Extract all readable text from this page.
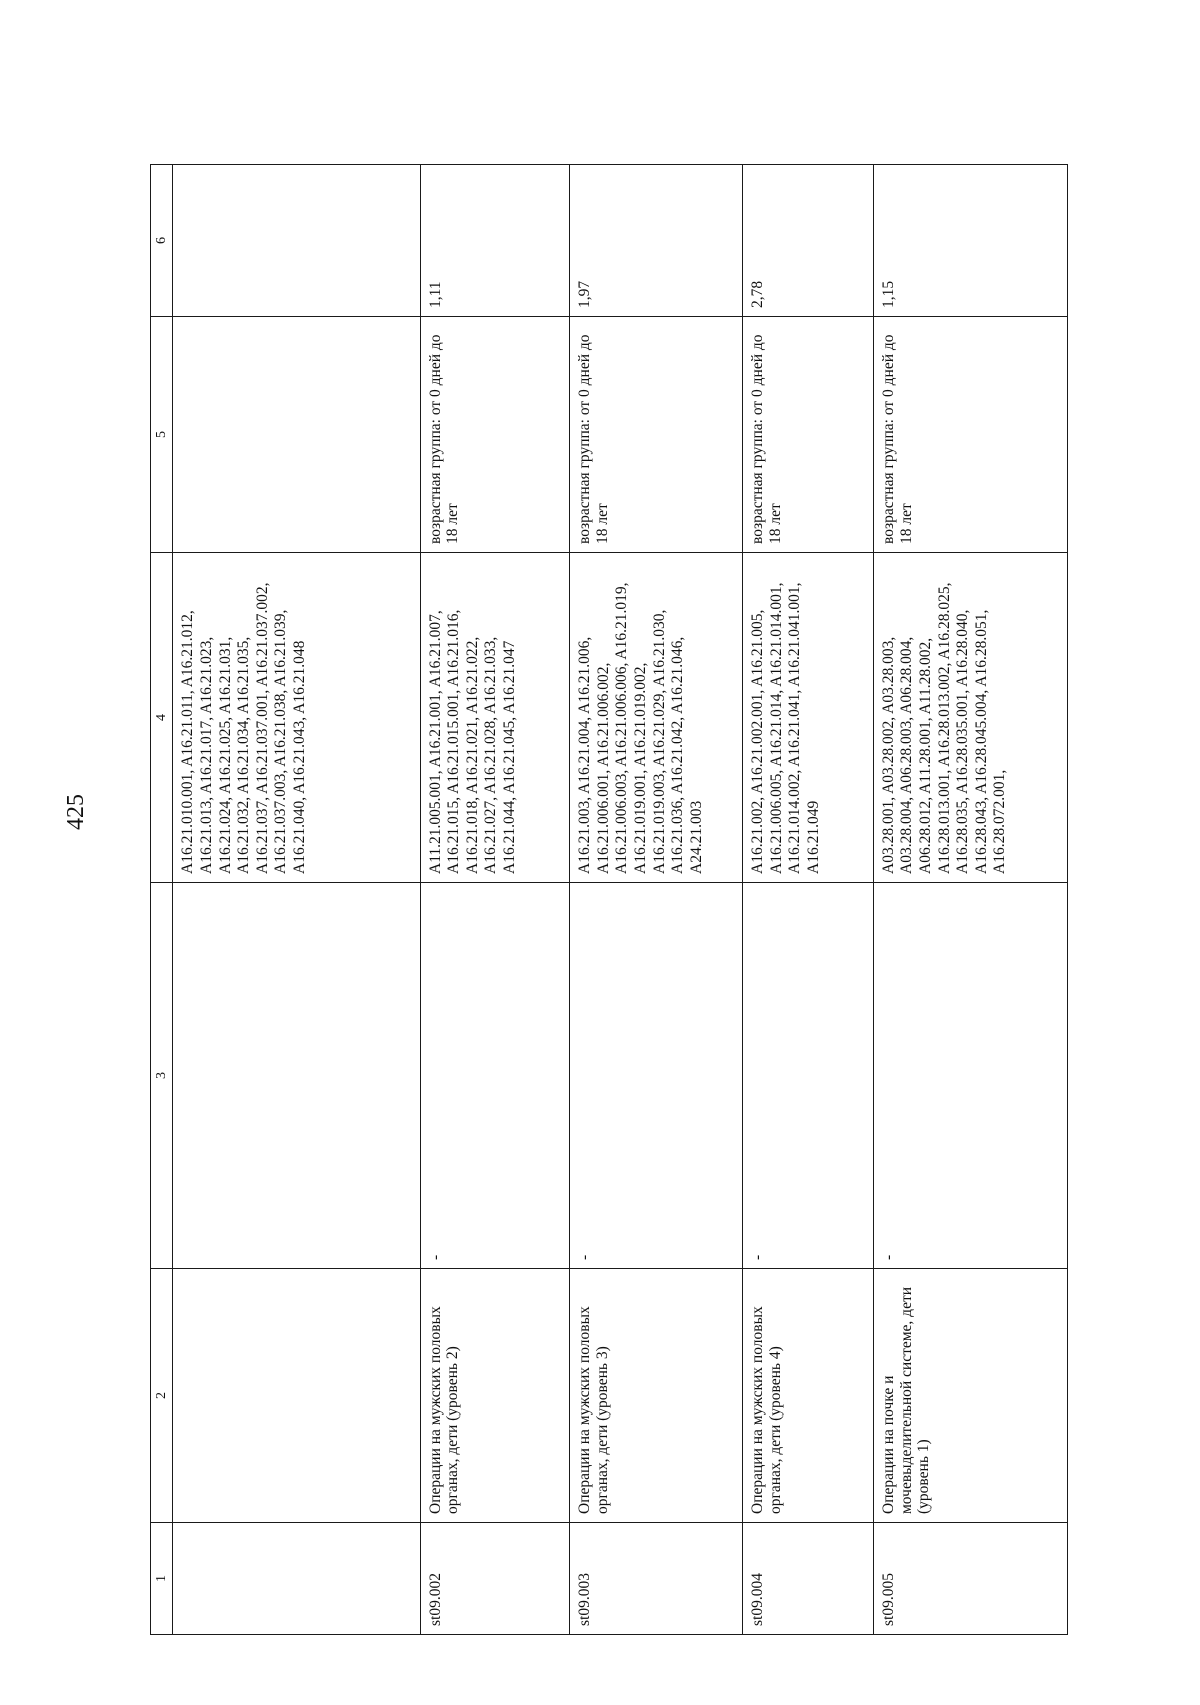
425
1	2	3	4	5	6
			A16.21.010.001, A16.21.011, A16.21.012, A16.21.013, A16.21.017, A16.21.023, A16.21.024, A16.21.025, A16.21.031, A16.21.032, A16.21.034, A16.21.035, A16.21.037, A16.21.037.001, A16.21.037.002, A16.21.037.003, A16.21.038, A16.21.039, A16.21.040, A16.21.043, A16.21.048		
st09.002	Операции на мужских половых органах, дети (уровень 2)	-	A11.21.005.001, A16.21.001, A16.21.007, A16.21.015, A16.21.015.001, A16.21.016, A16.21.018, A16.21.021, A16.21.022, A16.21.027, A16.21.028, A16.21.033, A16.21.044, A16.21.045, A16.21.047	возрастная группа: от 0 дней до 18 лет	1,11
st09.003	Операции на мужских половых органах, дети (уровень 3)	-	A16.21.003, A16.21.004, A16.21.006, A16.21.006.001, A16.21.006.002, A16.21.006.003, A16.21.006.006, A16.21.019, A16.21.019.001, A16.21.019.002, A16.21.019.003, A16.21.029, A16.21.030, A16.21.036, A16.21.042, A16.21.046, A24.21.003	возрастная группа: от 0 дней до 18 лет	1,97
st09.004	Операции на мужских половых органах, дети (уровень 4)	-	A16.21.002, A16.21.002.001, A16.21.005, A16.21.006.005, A16.21.014, A16.21.014.001, A16.21.014.002, A16.21.041, A16.21.041.001, A16.21.049	возрастная группа: от 0 дней до 18 лет	2,78
st09.005	Операции на почке и мочевыделительной системе, дети (уровень 1)	-	A03.28.001, A03.28.002, A03.28.003, A03.28.004, A06.28.003, A06.28.004, A06.28.012, A11.28.001, A11.28.002, A16.28.013.001, A16.28.013.002, A16.28.025, A16.28.035, A16.28.035.001, A16.28.040, A16.28.043, A16.28.045.004, A16.28.051, A16.28.072.001,	возрастная группа: от 0 дней до 18 лет	1,15
